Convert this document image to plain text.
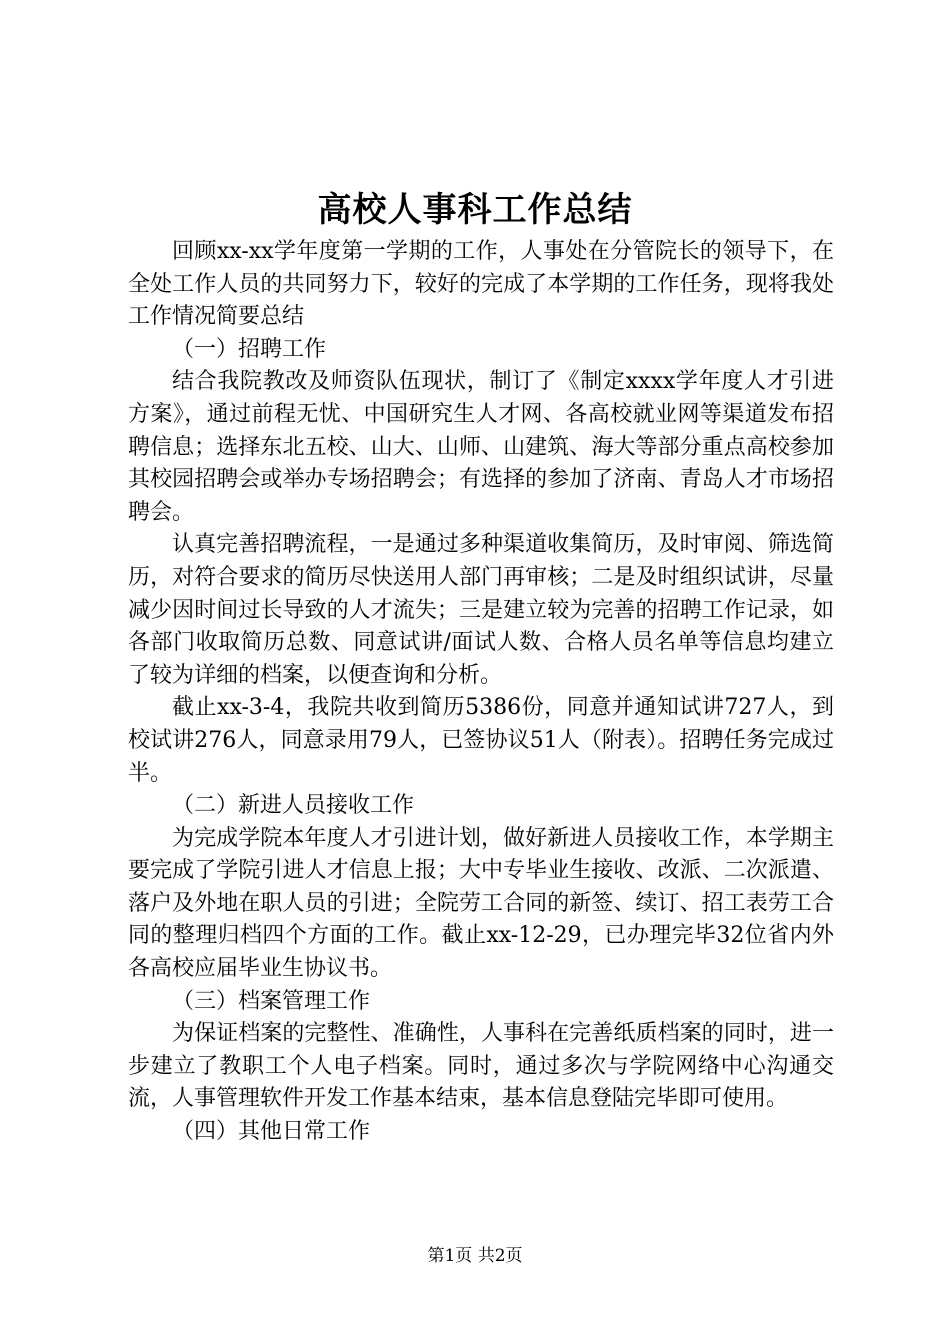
高校人事科工作总结

回顾xx-xx学年度第一学期的工作，人事处在分管院长的领导下，在全处工作人员的共同努力下，较好的完成了本学期的工作任务，现将我处工作情况简要总结

（一）招聘工作

结合我院教改及师资队伍现状，制订了《制定xxxx学年度人才引进方案》，通过前程无忧、中国研究生人才网、各高校就业网等渠道发布招聘信息；选择东北五校、山大、山师、山建筑、海大等部分重点高校参加其校园招聘会或举办专场招聘会；有选择的参加了济南、青岛人才市场招聘会。

认真完善招聘流程，一是通过多种渠道收集简历，及时审阅、筛选简历，对符合要求的简历尽快送用人部门再审核；二是及时组织试讲，尽量减少因时间过长导致的人才流失；三是建立较为完善的招聘工作记录，如各部门收取简历总数、同意试讲/面试人数、合格人员名单等信息均建立了较为详细的档案，以便查询和分析。

截止xx-3-4，我院共收到简历5386份，同意并通知试讲727人，到校试讲276人，同意录用79人，已签协议51人（附表）。招聘任务完成过半。

（二）新进人员接收工作

为完成学院本年度人才引进计划，做好新进人员接收工作，本学期主要完成了学院引进人才信息上报；大中专毕业生接收、改派、二次派遣、落户及外地在职人员的引进；全院劳工合同的新签、续订、招工表劳工合同的整理归档四个方面的工作。截止xx-12-29，已办理完毕32位省内外各高校应届毕业生协议书。

（三）档案管理工作

为保证档案的完整性、准确性，人事科在完善纸质档案的同时，进一步建立了教职工个人电子档案。同时，通过多次与学院网络中心沟通交流，人事管理软件开发工作基本结束，基本信息登陆完毕即可使用。

（四）其他日常工作

第1页 共2页
